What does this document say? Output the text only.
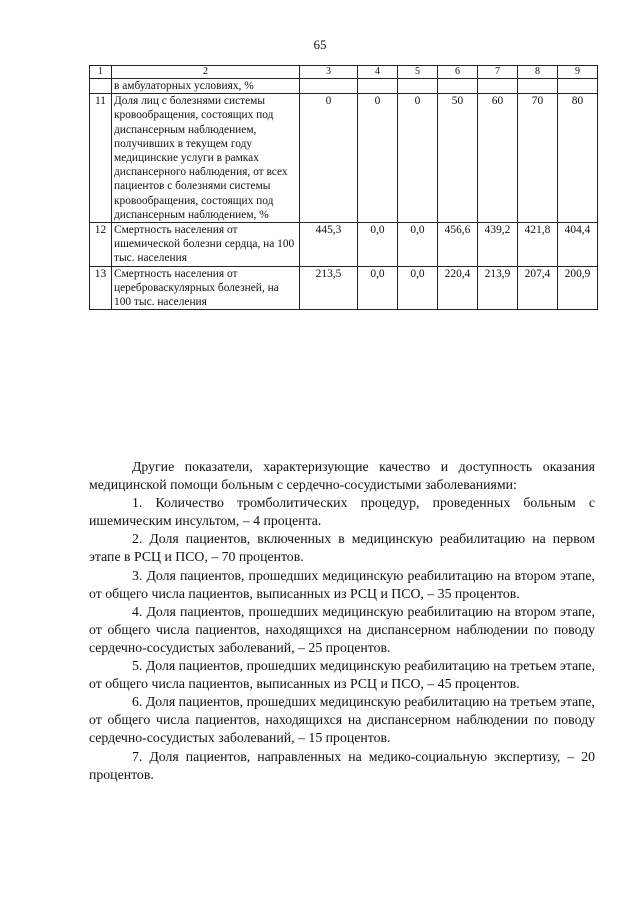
65
1	2	3	4	5	6	7	8	9
	в амбулаторных условиях, %							
11	Доля лиц с болезнями системы кровообращения, состоящих под диспансерным наблюдением, получивших в текущем году медицинские услуги в рамках диспансерного наблюдения, от всех пациентов с болезнями системы кровообращения, состоящих под диспансерным наблюдением, %	0	0	0	50	60	70	80
12	Смертность населения от ишемической болезни сердца, на 100 тыс. населения	445,3	0,0	0,0	456,6	439,2	421,8	404,4
13	Смертность населения от цереброваскулярных болезней, на 100 тыс. населения	213,5	0,0	0,0	220,4	213,9	207,4	200,9

Другие показатели, характеризующие качество и доступность оказания медицинской помощи больным с сердечно-сосудистыми заболеваниями:

1. Количество тромболитических процедур, проведенных больным с ишемическим инсультом, – 4 процента.

2. Доля пациентов, включенных в медицинскую реабилитацию на первом этапе в РСЦ и ПСО, – 70 процентов.

3. Доля пациентов, прошедших медицинскую реабилитацию на втором этапе, от общего числа пациентов, выписанных из РСЦ и ПСО, – 35 процентов.

4. Доля пациентов, прошедших медицинскую реабилитацию на втором этапе, от общего числа пациентов, находящихся на диспансерном наблюдении по поводу сердечно-сосудистых заболеваний, – 25 процентов.

5. Доля пациентов, прошедших медицинскую реабилитацию на третьем этапе, от общего числа пациентов, выписанных из РСЦ и ПСО, – 45 процентов.

6. Доля пациентов, прошедших медицинскую реабилитацию на третьем этапе, от общего числа пациентов, находящихся на диспансерном наблюдении по поводу сердечно-сосудистых заболеваний, – 15 процентов.

7. Доля пациентов, направленных на медико-социальную экспертизу, – 20 процентов.
